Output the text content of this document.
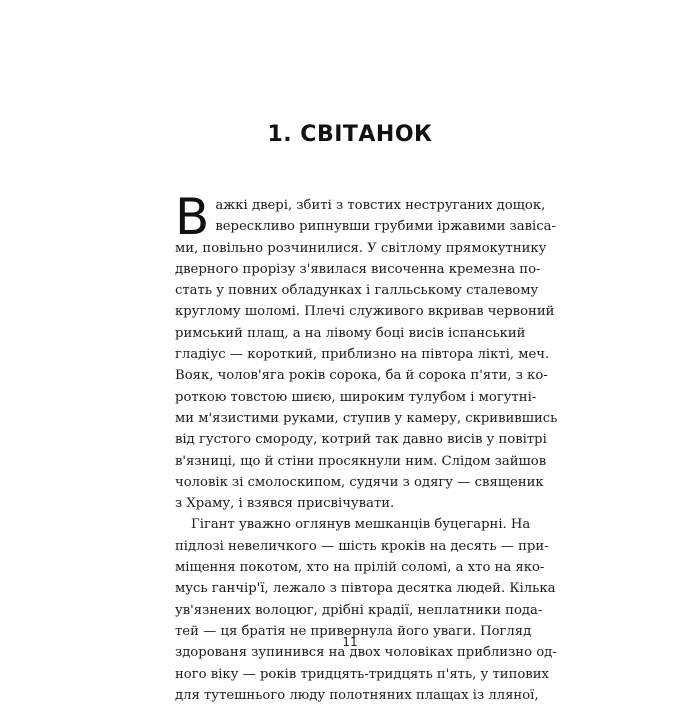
1. СВІТАНОК

В ажкі двері, збиті з товстих неструганих дощок,
верескливо рипнувши грубими іржавими завіса-
ми, повільно розчинилися. У світлому прямокутнику
дверного прорізу з'явилася височенна кремезна по-
стать у повних обладунках і галльському сталевому
круглому шоломі. Плечі служивого вкривав червоний
римський плащ, а на лівому боці висів іспанський
гладіус — короткий, приблизно на півтора лікті, меч.
Вояк, чолов'яга років сорока, ба й сорока п'яти, з ко-
роткою товстою шиєю, широким тулубом і могутні-
ми м'язистими руками, ступив у камеру, скривившись
від густого смороду, котрий так давно висів у повітрі
в'язниці, що й стіни просякнули ним. Слідом зайшов
чоловік зі смолоскипом, судячи з одягу — священик
з Храму, і взявся присвічувати.

Гігант уважно оглянув мешканців буцегарні. На
підлозі невеличкого — шість кроків на десять — при-
міщення покотом, хто на прілій соломі, а хто на яко-
мусь ганчір'ї, лежало з півтора десятка людей. Кілька
ув'язнених волоцюг, дрібні крадії, неплатники пода-
тей — ця братія не привернула його уваги. Погляд
здорованя зупинився на двох чоловіках приблизно од-
ного віку — років тридцять-тридцять п'ять, у типових
для тутешнього люду полотняних плащах із лляної,

11
